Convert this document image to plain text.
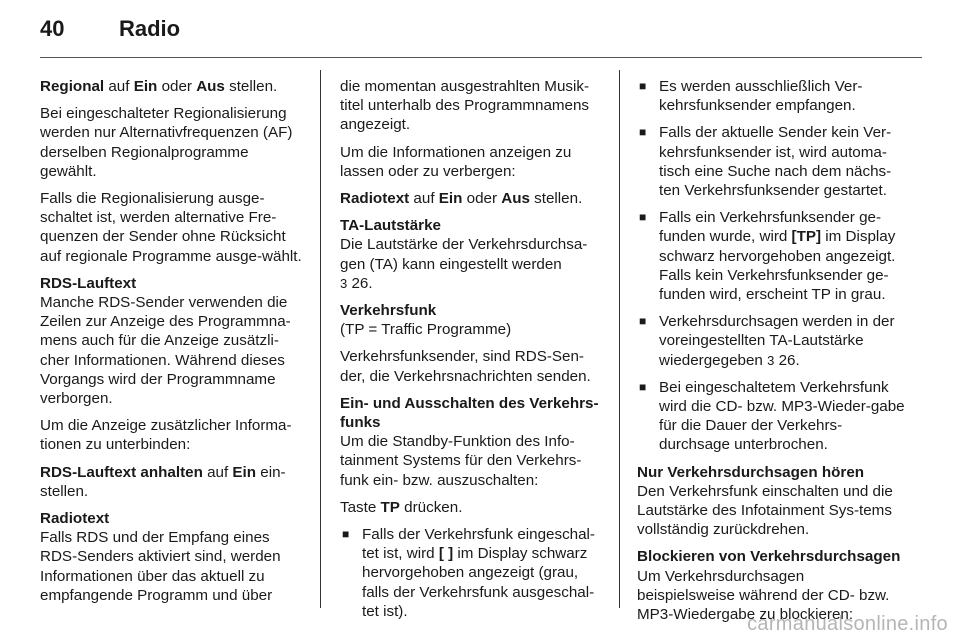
40	Radio

Regional auf Ein oder Aus stellen.

Bei eingeschalteter Regionalisierung werden nur Alternativfrequenzen (AF) derselben Regionalprogramme gewählt.

Falls die Regionalisierung ausge-schaltet ist, werden alternative Fre-quenzen der Sender ohne Rücksicht auf regionale Programme ausge-wählt.

RDS-Lauftext

Manche RDS-Sender verwenden die Zeilen zur Anzeige des Programmna-mens auch für die Anzeige zusätzli-cher Informationen. Während dieses Vorgangs wird der Programmname verborgen.

Um die Anzeige zusätzlicher Informa-tionen zu unterbinden:

RDS-Lauftext anhalten auf Ein ein-stellen.

Radiotext

Falls RDS und der Empfang eines RDS-Senders aktiviert sind, werden Informationen über das aktuell zu empfangende Programm und über

die momentan ausgestrahlten Musik-titel unterhalb des Programmnamens angezeigt.

Um die Informationen anzeigen zu lassen oder zu verbergen:

Radiotext auf Ein oder Aus stellen.

TA-Lautstärke

Die Lautstärke der Verkehrsdurchsa-gen (TA) kann eingestellt werden
3 26.

Verkehrsfunk

(TP = Traffic Programme)

Verkehrsfunksender, sind RDS-Sen-der, die Verkehrsnachrichten senden.

Ein- und Ausschalten des Verkehrs-funks

Um die Standby-Funktion des Info-tainment Systems für den Verkehrs-funk ein- bzw. auszuschalten:

Taste TP drücken.

■ Falls der Verkehrsfunk eingeschal-tet ist, wird [ ] im Display schwarz hervorgehoben angezeigt (grau, falls der Verkehrsfunk ausgeschal-tet ist).
■ Es werden ausschließlich Ver-kehrsfunksender empfangen.
■ Falls der aktuelle Sender kein Ver-kehrsfunksender ist, wird automa-tisch eine Suche nach dem nächs-ten Verkehrsfunksender gestartet.
■ Falls ein Verkehrsfunksender ge-funden wurde, wird [TP] im Display schwarz hervorgehoben angezeigt. Falls kein Verkehrsfunksender ge-funden wird, erscheint TP in grau.
■ Verkehrsdurchsagen werden in der voreingestellten TA-Lautstärke wiedergegeben 3 26.
■ Bei eingeschaltetem Verkehrsfunk wird die CD- bzw. MP3-Wieder-gabe für die Dauer der Verkehrs-durchsage unterbrochen.

Nur Verkehrsdurchsagen hören

Den Verkehrsfunk einschalten und die Lautstärke des Infotainment Sys-tems vollständig zurückdrehen.

Blockieren von Verkehrsdurchsagen

Um Verkehrsdurchsagen beispielsweise während der CD- bzw. MP3-Wiedergabe zu blockieren:

carmanualsonline.info
